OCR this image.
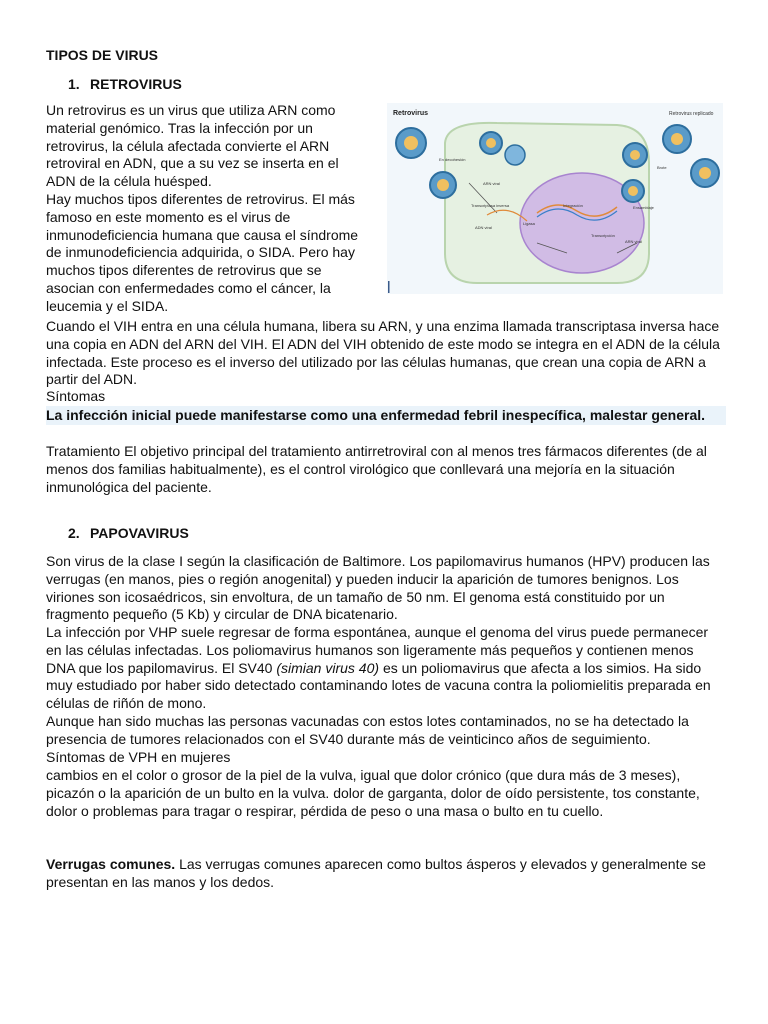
TIPOS DE VIRUS
1. RETROVIRUS

Un retrovirus es un virus que utiliza ARN como material genómico. Tras la infección por un retrovirus, la célula afectada convierte el ARN retroviral en ADN, que a su vez se inserta en el ADN de la célula huésped.
Hay muchos tipos diferentes de retrovirus. El más famoso en este momento es el virus de inmunodeficiencia humana que causa el síndrome de inmunodeficiencia adquirida, o SIDA. Pero hay muchos tipos diferentes de retrovirus que se asocian con enfermedades como el cáncer, la leucemia y el SIDA.

Retrovirus	Retrovirus replicado
En decohesión
ARN viral
Transcriptasa inversa
ADN viral
Integración
Ligasa
Transcripción
Ensamblaje
ARN viral
Brote

Cuando el VIH entra en una célula humana, libera su ARN, y una enzima llamada transcriptasa inversa hace una copia en ADN del ARN del VIH. El ADN del VIH obtenido de este modo se integra en el ADN de la célula infectada. Este proceso es el inverso del utilizado por las células humanas, que crean una copia de ARN a partir del ADN.

Síntomas

La infección inicial puede manifestarse como una enfermedad febril inespecífica, malestar general.

Tratamiento El objetivo principal del tratamiento antirretroviral con al menos tres fármacos diferentes (de al menos dos familias habitualmente), es el control virológico que conllevará una mejoría en la situación inmunológica del paciente.

2. PAPOVAVIRUS

Son virus de la clase I según la clasificación de Baltimore. Los papilomavirus humanos (HPV) producen las verrugas (en manos, pies o región anogenital) y pueden inducir la aparición de tumores benignos. Los viriones son icosaédricos, sin envoltura, de un tamaño de 50 nm. El genoma está constituido por un fragmento pequeño (5 Kb) y circular de DNA bicatenario.

La infección por VHP suele regresar de forma espontánea, aunque el genoma del virus puede permanecer en las células infectadas. Los poliomavirus humanos son ligeramente más pequeños y contienen menos DNA que los papilomavirus. El SV40 (simian virus 40) es un poliomavirus que afecta a los simios. Ha sido muy estudiado por haber sido detectado contaminando lotes de vacuna contra la poliomielitis preparada en células de riñón de mono.

Aunque han sido muchas las personas vacunadas con estos lotes contaminados, no se ha detectado la presencia de tumores relacionados con el SV40 durante más de veinticinco años de seguimiento.

Síntomas de VPH en mujeres

cambios en el color o grosor de la piel de la vulva, igual que dolor crónico (que dura más de 3 meses), picazón o la aparición de un bulto en la vulva. dolor de garganta, dolor de oído persistente, tos constante, dolor o problemas para tragar o respirar, pérdida de peso o una masa o bulto en tu cuello.

Verrugas comunes. Las verrugas comunes aparecen como bultos ásperos y elevados y generalmente se presentan en las manos y los dedos.
